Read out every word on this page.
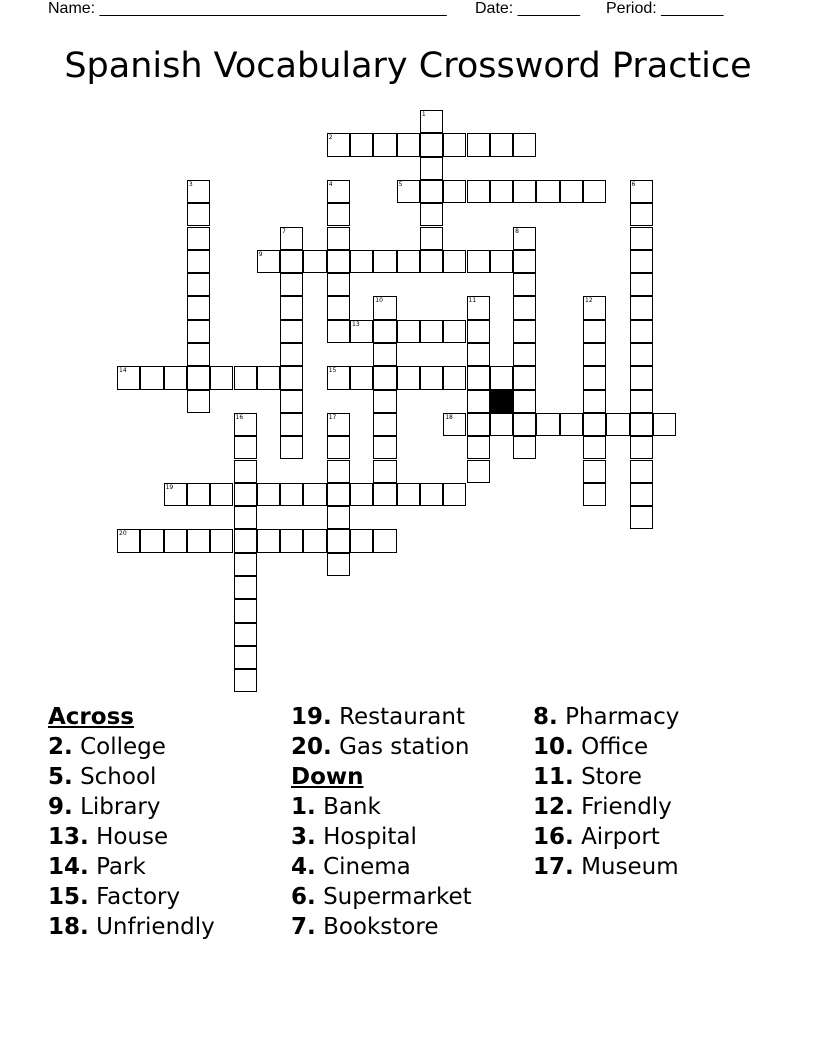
Name: _______________________________________ Date: _______ Period: _______
Spanish Vocabulary Crossword Practice
1
2
3	4	5	6
7	8
9
10	11	12
13
14	15
16	17	18
19
20
Across
2. College
5. School
9. Library
13. House
14. Park
15. Factory
18. Unfriendly
19. Restaurant
20. Gas station
Down
1. Bank
3. Hospital
4. Cinema
6. Supermarket
7. Bookstore
8. Pharmacy
10. Office
11. Store
12. Friendly
16. Airport
17. Museum
